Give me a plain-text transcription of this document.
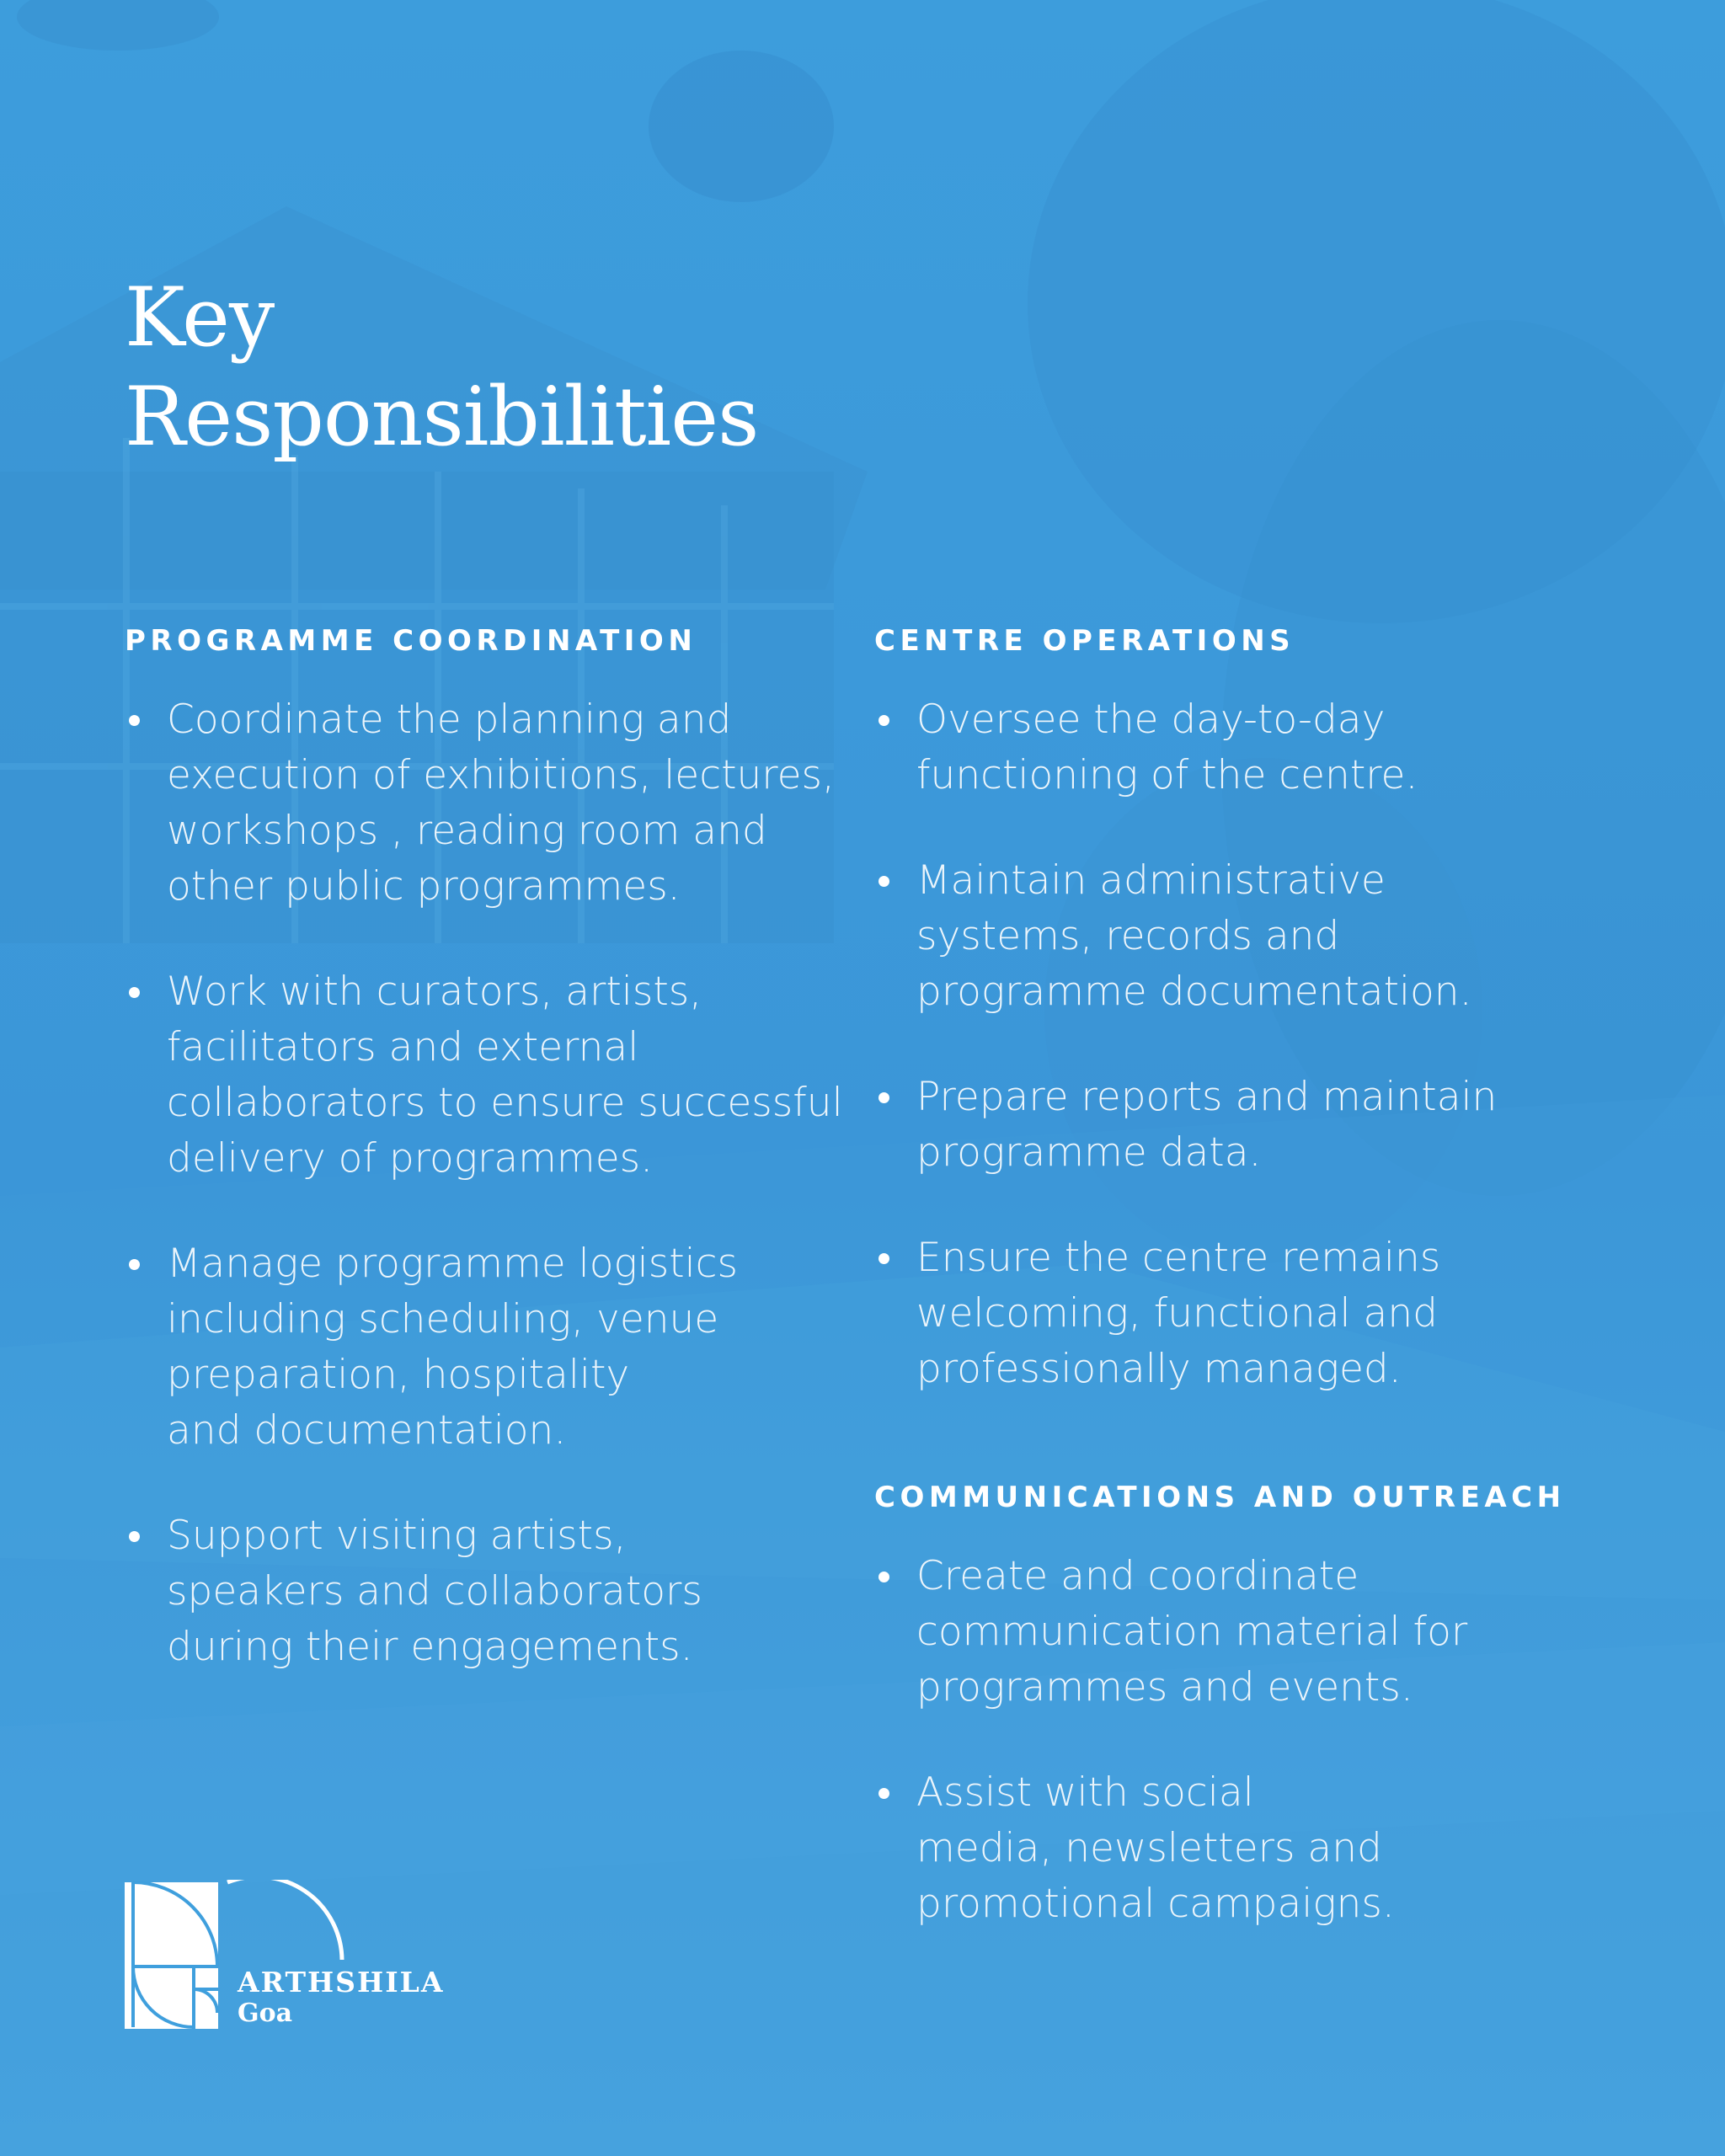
Key
Responsibilities
PROGRAMME COORDINATION
Coordinate the planning and
execution of exhibitions, lectures,
workshops , reading room and
other public programmes.
Work with curators, artists,
facilitators and external
collaborators to ensure successful
delivery of programmes.
Manage programme logistics
including scheduling, venue
preparation, hospitality
and documentation.
Support visiting artists,
speakers and collaborators
during their engagements.
CENTRE OPERATIONS
Oversee the day-to-day
functioning of the centre.
Maintain administrative
systems, records and
programme documentation.
Prepare reports and maintain
programme data.
Ensure the centre remains
welcoming, functional and
professionally managed.
COMMUNICATIONS AND OUTREACH
Create and coordinate
communication material for
programmes and events.
Assist with social
media, newsletters and
promotional campaigns.
ARTHSHILA
Goa
